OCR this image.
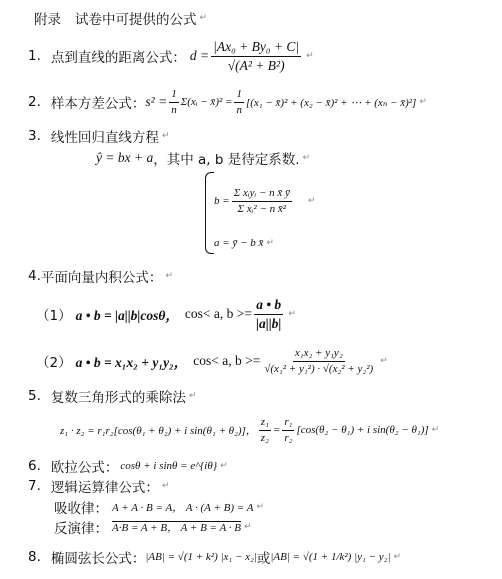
附录 试卷中可提供的公式 ↵
1. 点到直线的距离公式： $d = \frac{\text{|Ax₀ + By₀ + C|}}{\text{√(A² + B²)}}$ ↵
2. 样本方差公式： $s^2 = \frac{1}{n}$ Σ(xᵢ − x̄)² = $\frac{1}{n} [(x_1$ − x̄)² + (x₂ − x̄)² + ⋯ + (xₙ − x̄)²] ↵
3. 线性回归直线方程 ↵
ŷ = bx + a ，其中 a, b 是待定系数. ↵
$b = \frac{\text{Σ xᵢyᵢ − n x̄ ȳ}}{\text{Σ xᵢ² − n x̄²}}$ ↵
a = ȳ − b x̄ ↵
4. 平面向量内积公式： ↵
（1） a • b = |a||b|cosθ， cos< a, $b >= \frac{a • b}{|a||b|}$ ↵
（2） a • b = x₁x₂ + y₁y₂， cos< a, $b >= \frac{\text{x₁x₂ + y₁y₂}}{\text{√(x₁² + y₁²) · √(x₂² + y₂²)}}$ ↵
5. 复数三角形式的乘除法 ↵
z₁ · z₂ = r₁r₂[cos(θ₁ + θ₂) + i sin(θ₁ + θ₂)]， $\frac{\text{z₁}}{\text{z₂}} = \frac{\text{r₁}}{\text{r₂}} [\cos(\theta_2 - \theta_1) + i$ sin(θ₂ − θ₁)] ↵
6. 欧拉公式： cosθ + i sinθ = e^{iθ} ↵
7. 逻辑运算律公式： ↵
吸收律： A + A · B = A， A · (A + B) = A ↵
反演律： A·B = A + B， A + B = A · B ↵
8. 椭圆弦长公式： |AB| = √(1 + k²) |x₁ − x₂| 或 |AB| = √(1 + 1/k²) |y₁ − y₂| ↵
